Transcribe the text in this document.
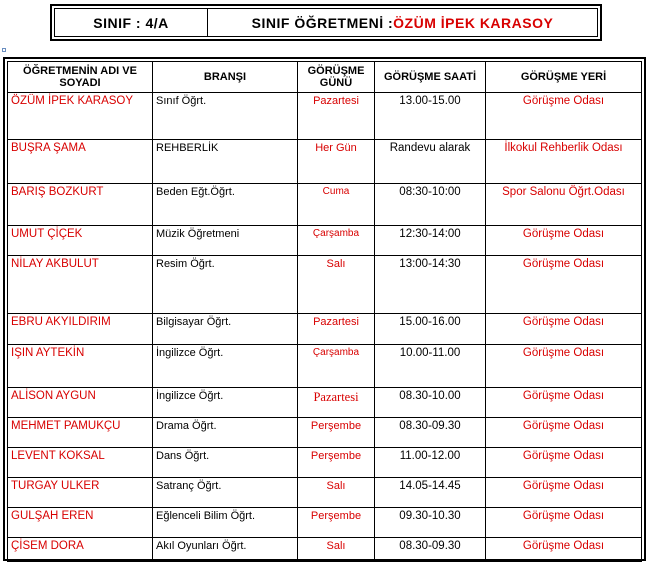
SINIF : 4/A	SINIF ÖĞRETMENİ : ÖZÜM İPEK KARASOY
ÖĞRETMENİN ADI VE SOYADI	BRANŞI	GÖRÜŞME GÜNÜ	GÖRÜŞME SAATİ	GÖRÜŞME YERİ
ÖZÜM İPEK KARASOY	Sınıf Öğrt.	Pazartesi	13.00-15.00	Görüşme Odası
BUŞRA ŞAMA	REHBERLİK	Her Gün	Randevu alarak	İlkokul Rehberlik Odası
BARIŞ BOZKURT	Beden Eğt.Öğrt.	Cuma	08:30-10:00	Spor Salonu Öğrt.Odası
UMUT ÇİÇEK	Müzik Öğretmeni	Çarşamba	12:30-14:00	Görüşme Odası
NİLAY AKBULUT	Resim Öğrt.	Salı	13:00-14:30	Görüşme Odası
EBRU AKYILDIRIM	Bilgisayar Öğrt.	Pazartesi	15.00-16.00	Görüşme Odası
IŞIN AYTEKİN	İngilizce Öğrt.	Çarşamba	10.00-11.00	Görüşme Odası
ALİSON AYGUN	İngilizce Öğrt.	Pazartesi	08.30-10.00	Görüşme Odası
MEHMET PAMUKÇU	Drama Öğrt.	Perşembe	08.30-09.30	Görüşme Odası
LEVENT KOKSAL	Dans Öğrt.	Perşembe	11.00-12.00	Görüşme Odası
TURGAY ULKER	Satranç Öğrt.	Salı	14.05-14.45	Görüşme Odası
GULŞAH EREN	Eğlenceli Bilim Öğrt.	Perşembe	09.30-10.30	Görüşme Odası
ÇİSEM DORA	Akıl Oyunları Öğrt.	Salı	08.30-09.30	Görüşme Odası
